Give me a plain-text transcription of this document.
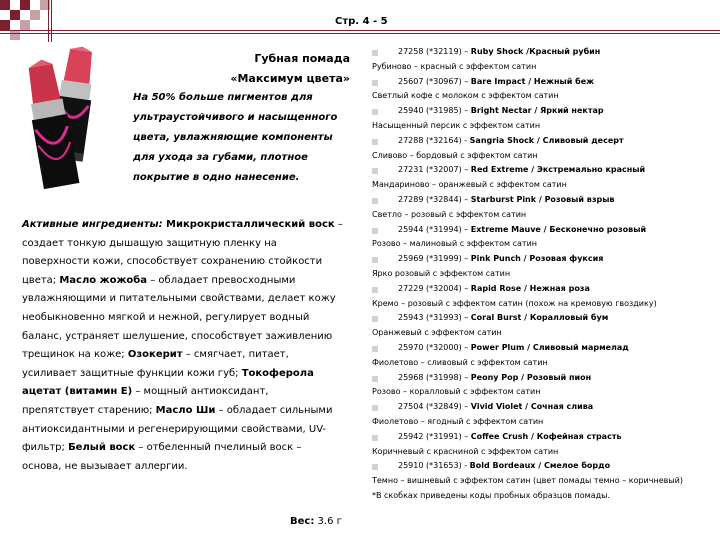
Стр. 4 - 5
Губная помада
«Максимум цвета»

На 50% больше пигментов для ультраустойчивого и насыщенного цвета, увлажняющие компоненты для ухода за губами, плотное покрытие в одно нанесение.

Активные ингредиенты: Микрокристаллический воск – создает тонкую дышащую защитную пленку на поверхности кожи, способствует сохранению стойкости цвета; Масло жожоба – обладает превосходными увлажняющими и питательными свойствами, делает кожу необыкновенно мягкой и нежной, регулирует водный баланс, устраняет шелушение, способствует заживлению трещинок на коже; Озокерит – смягчает, питает, усиливает защитные функции кожи губ; Токоферола ацетат (витамин Е) – мощный антиоксидант, препятствует старению; Масло Ши – обладает сильными антиоксидантными и регенерирующими свойствами, UV-фильтр; Белый воск – отбеленный пчелиный воск – основа, не вызывает аллергии.

Вес: 3.6 г
27258 (*32119) – Ruby Shock /Красный рубин
Рубиново – красный с эффектом сатин
25607 (*30967) – Bare Impact / Нежный беж
Светлый кофе с молоком с эффектом сатин
25940 (*31985) – Bright Nectar / Яркий нектар
Насыщенный персик с эффектом сатин
27288 (*32164) - Sangria Shock / Сливовый десерт
Сливово – бордовый с эффектом сатин
27231 (*32007) – Red Extreme / Экстремально красный
Мандариново – оранжевый с эффектом сатин
27289 (*32844) – Starburst Pink / Розовый взрыв
Светло – розовый с эффектом сатин
25944 (*31994) – Extreme Mauve / Бесконечно розовый
Розово – малиновый с эффектом сатин
25969 (*31999) – Pink Punch / Розовая фуксия
Ярко розовый с эффектом сатин
27229 (*32004) – Rapid Rose / Нежная роза
Кремо – розовый с эффектом сатин (похож на кремовую гвоздику)
25943 (*31993) – Coral Burst / Коралловый бум
Оранжевый с эффектом сатин
25970 (*32000) – Power Plum / Сливовый мармелад
Фиолетово – сливовый с эффектом сатин
25968 (*31998) – Peony Pop / Розовый пион
Розово – коралловый с эффектом сатин
27504 (*32849) – Vivid Violet / Сочная слива
Фиолетово – ягодный с эффектом сатин
25942 (*31991) – Coffee Crush / Кофейная страсть
Коричневый с красниной с эффектом сатин
25910 (*31653) - Bold Bordeaux / Смелое бордо
Темно – вишневый с эффектом сатин (цвет помады темно – коричневый)
*В скобках приведены коды пробных образцов помады.
